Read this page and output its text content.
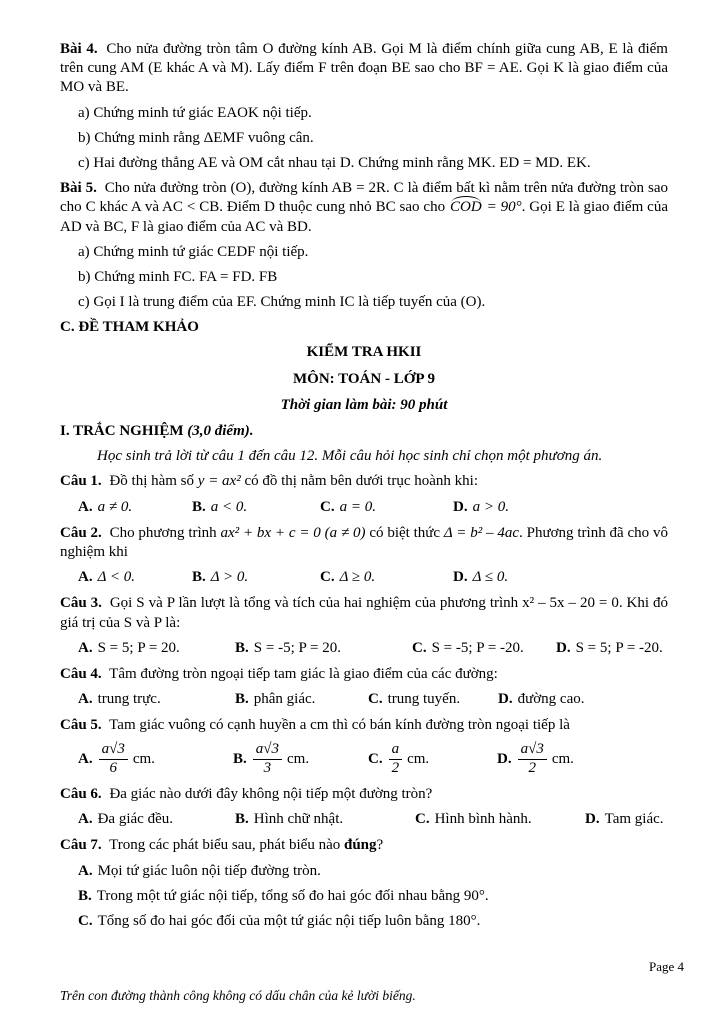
Bài 4. Cho nửa đường tròn tâm O đường kính AB. Gọi M là điểm chính giữa cung AB, E là điểm trên cung AM (E khác A và M). Lấy điểm F trên đoạn BE sao cho BF = AE. Gọi K là giao điểm của MO và BE.

a) Chứng minh tứ giác EAOK nội tiếp.

b) Chứng minh rằng ΔEMF vuông cân.

c) Hai đường thẳng AE và OM cắt nhau tại D. Chứng minh rằng MK. ED = MD. EK.

Bài 5. Cho nửa đường tròn (O), đường kính AB = 2R. C là điểm bất kì nằm trên nửa đường tròn sao cho C khác A và AC < CB. Điểm D thuộc cung nhỏ BC sao cho COD = 90°. Gọi E là giao điểm của AD và BC, F là giao điểm của AC và BD.

a) Chứng minh tứ giác CEDF nội tiếp.

b) Chứng minh FC. FA = FD. FB

c) Gọi I là trung điểm của EF. Chứng minh IC là tiếp tuyến của (O).

C. ĐỀ THAM KHẢO

KIỂM TRA HKII

MÔN: TOÁN - LỚP 9

Thời gian làm bài: 90 phút

I. TRẮC NGHIỆM (3,0 điểm).

Học sinh trả lời từ câu 1 đến câu 12. Mỗi câu hỏi học sinh chỉ chọn một phương án.

Câu 1. Đồ thị hàm số y = ax² có đồ thị nằm bên dưới trục hoành khi:

A. a ≠ 0.	B. a < 0.	C. a = 0.	D. a > 0.

Câu 2. Cho phương trình ax² + bx + c = 0 (a ≠ 0) có biệt thức Δ = b² – 4ac. Phương trình đã cho vô nghiệm khi

A. Δ < 0.	B. Δ > 0.	C. Δ ≥ 0.	D. Δ ≤ 0.

Câu 3. Gọi S và P lần lượt là tổng và tích của hai nghiệm của phương trình x² – 5x – 20 = 0. Khi đó giá trị của S và P là:

A. S = 5; P = 20.	B. S = -5; P = 20.	C. S = -5; P = -20. D. S = 5; P = -20.

Câu 4. Tâm đường tròn ngoại tiếp tam giác là giao điểm của các đường:

A. trung trực.	B. phân giác.	C. trung tuyến.	D. đường cao.

Câu 5. Tam giác vuông có cạnh huyền a cm thì có bán kính đường tròn ngoại tiếp là

A. $\frac{a√3}{6}$ cm.	B. $\frac{a√3}{3}$ cm.	C. $\frac{a}{2}$ cm.	D. $\frac{a√3}{2}$ cm.

Câu 6. Đa giác nào dưới đây không nội tiếp một đường tròn?

A. Đa giác đều.	B. Hình chữ nhật.	C. Hình bình hành.	D. Tam giác.

Câu 7. Trong các phát biểu sau, phát biểu nào đúng?

A. Mọi tứ giác luôn nội tiếp đường tròn.

B. Trong một tứ giác nội tiếp, tổng số đo hai góc đối nhau bằng 90°.

C. Tổng số đo hai góc đối của một tứ giác nội tiếp luôn bằng 180°.

Page 4
Trên con đường thành công không có dấu chân của kẻ lười biếng.
